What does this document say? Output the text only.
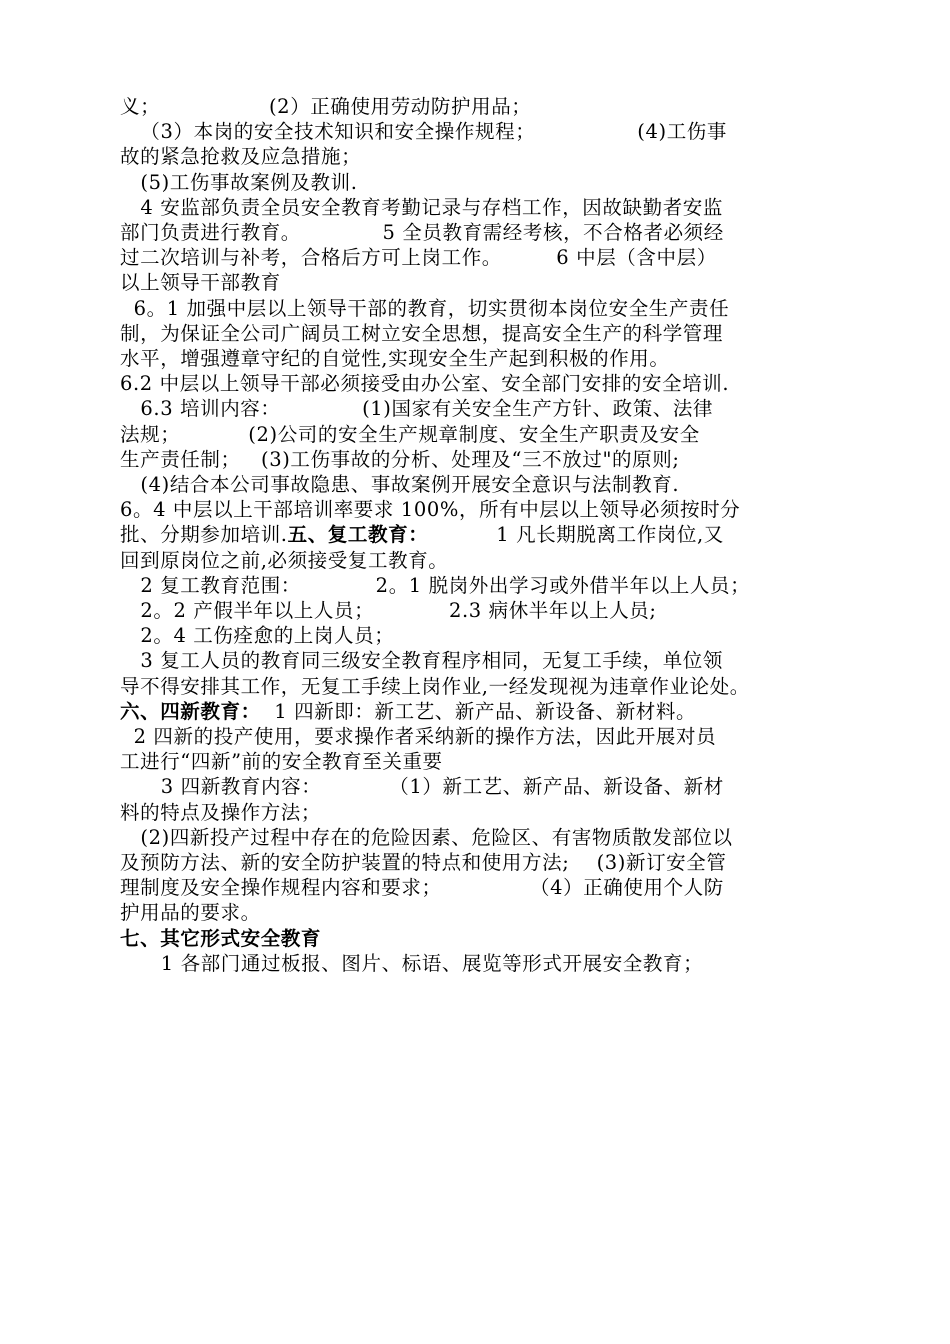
义；                (2）正确使用劳动防护用品；
（3）本岗的安全技术知识和安全操作规程；               (4)工伤事
故的紧急抢救及应急措施；
(5)工伤事故案例及教训.
4 安监部负责全员安全教育考勤记录与存档工作，因故缺勤者安监
部门负责进行教育。            5 全员教育需经考核，不合格者必须经
过二次培训与补考，合格后方可上岗工作。        6 中层（含中层）
以上领导干部教育
6。1 加强中层以上领导干部的教育，切实贯彻本岗位安全生产责任
制，为保证全公司广阔员工树立安全思想，提高安全生产的科学管理
水平，增强遵章守纪的自觉性,实现安全生产起到积极的作用。
6.2 中层以上领导干部必须接受由办公室、安全部门安排的安全培训.
6.3 培训内容：            (1)国家有关安全生产方针、政策、法律
法规；          (2)公司的安全生产规章制度、安全生产职责及安全
生产责任制；   (3)工伤事故的分析、处理及“三不放过"的原则;
(4)结合本公司事故隐患、事故案例开展安全意识与法制教育.
6。4 中层以上干部培训率要求 100%，所有中层以上领导必须按时分
批、分期参加培训.五、复工教育：          1 凡长期脱离工作岗位,又
回到原岗位之前,必须接受复工教育。
2 复工教育范围：           2。1 脱岗外出学习或外借半年以上人员；
2。2 产假半年以上人员；           2.3 病休半年以上人员;
2。4 工伤痊愈的上岗人员；
3 复工人员的教育同三级安全教育程序相同，无复工手续，单位领
导不得安排其工作，无复工手续上岗作业,一经发现视为违章作业论处。
六、四新教育：  1 四新即：新工艺、新产品、新设备、新材料。
2 四新的投产使用，要求操作者采纳新的操作方法，因此开展对员
工进行“四新”前的安全教育至关重要
3 四新教育内容：          （1）新工艺、新产品、新设备、新材
料的特点及操作方法；
(2)四新投产过程中存在的危险因素、危险区、有害物质散发部位以
及预防方法、新的安全防护装置的特点和使用方法;    (3)新订安全管
理制度及安全操作规程内容和要求；             （4）正确使用个人防
护用品的要求。
七、其它形式安全教育
1 各部门通过板报、图片、标语、展览等形式开展安全教育；
